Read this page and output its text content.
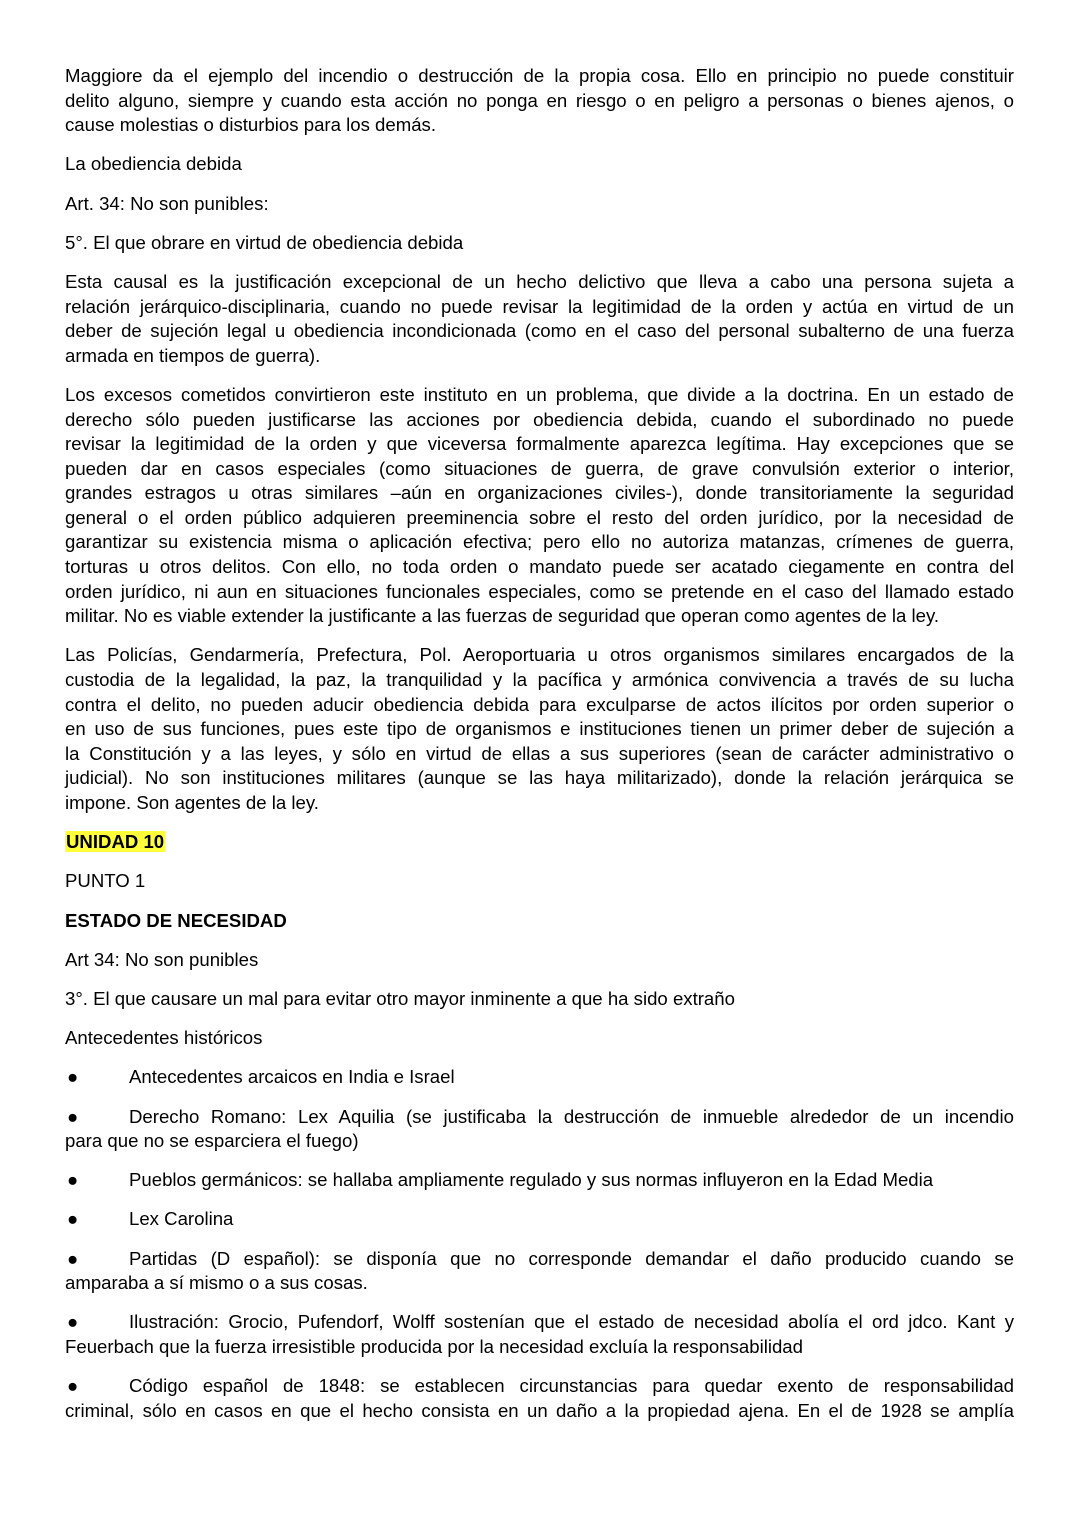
Maggiore da el ejemplo del incendio o destrucción de la propia cosa. Ello en principio no puede constituir
delito alguno, siempre y cuando esta acción no ponga en riesgo o en peligro a personas o bienes ajenos, o
cause molestias o disturbios para los demás.

La obediencia debida

Art. 34: No son punibles:

5°. El que obrare en virtud de obediencia debida

Esta causal es la justificación excepcional de un hecho delictivo que lleva a cabo una persona sujeta a
relación jerárquico-disciplinaria, cuando no puede revisar la legitimidad de la orden y actúa en virtud de un
deber de sujeción legal u obediencia incondicionada (como en el caso del personal subalterno de una fuerza
armada en tiempos de guerra).

Los excesos cometidos convirtieron este instituto en un problema, que divide a la doctrina. En un estado de
derecho sólo pueden justificarse las acciones por obediencia debida, cuando el subordinado no puede
revisar la legitimidad de la orden y que viceversa formalmente aparezca legítima. Hay excepciones que se
pueden dar en casos especiales (como situaciones de guerra, de grave convulsión exterior o interior,
grandes estragos u otras similares –aún en organizaciones civiles-), donde transitoriamente la seguridad
general o el orden público adquieren preeminencia sobre el resto del orden jurídico, por la necesidad de
garantizar su existencia misma o aplicación efectiva; pero ello no autoriza matanzas, crímenes de guerra,
torturas u otros delitos. Con ello, no toda orden o mandato puede ser acatado ciegamente en contra del
orden jurídico, ni aun en situaciones funcionales especiales, como se pretende en el caso del llamado estado
militar. No es viable extender la justificante a las fuerzas de seguridad que operan como agentes de la ley.

Las Policías, Gendarmería, Prefectura, Pol. Aeroportuaria u otros organismos similares encargados de la
custodia de la legalidad, la paz, la tranquilidad y la pacífica y armónica convivencia a través de su lucha
contra el delito, no pueden aducir obediencia debida para exculparse de actos ilícitos por orden superior o
en uso de sus funciones, pues este tipo de organismos e instituciones tienen un primer deber de sujeción a
la Constitución y a las leyes, y sólo en virtud de ellas a sus superiores (sean de carácter administrativo o
judicial). No son instituciones militares (aunque se las haya militarizado), donde la relación jerárquica se
impone. Son agentes de la ley.

UNIDAD 10

PUNTO 1

ESTADO DE NECESIDAD

Art 34: No son punibles

3°. El que causare un mal para evitar otro mayor inminente a que ha sido extraño

Antecedentes históricos

●	Antecedentes arcaicos en India e Israel

●	Derecho Romano: Lex Aquilia (se justificaba la destrucción de inmueble alrededor de un incendio
para que no se esparciera el fuego)

●	Pueblos germánicos: se hallaba ampliamente regulado y sus normas influyeron en la Edad Media

●	Lex Carolina

●	Partidas (D español): se disponía que no corresponde demandar el daño producido cuando se
amparaba a sí mismo o a sus cosas.

●	Ilustración: Grocio, Pufendorf, Wolff sostenían que el estado de necesidad abolía el ord jdco. Kant y
Feuerbach que la fuerza irresistible producida por la necesidad excluía la responsabilidad

●	Código español de 1848: se establecen circunstancias para quedar exento de responsabilidad
criminal, sólo en casos en que el hecho consista en un daño a la propiedad ajena. En el de 1928 se amplía
